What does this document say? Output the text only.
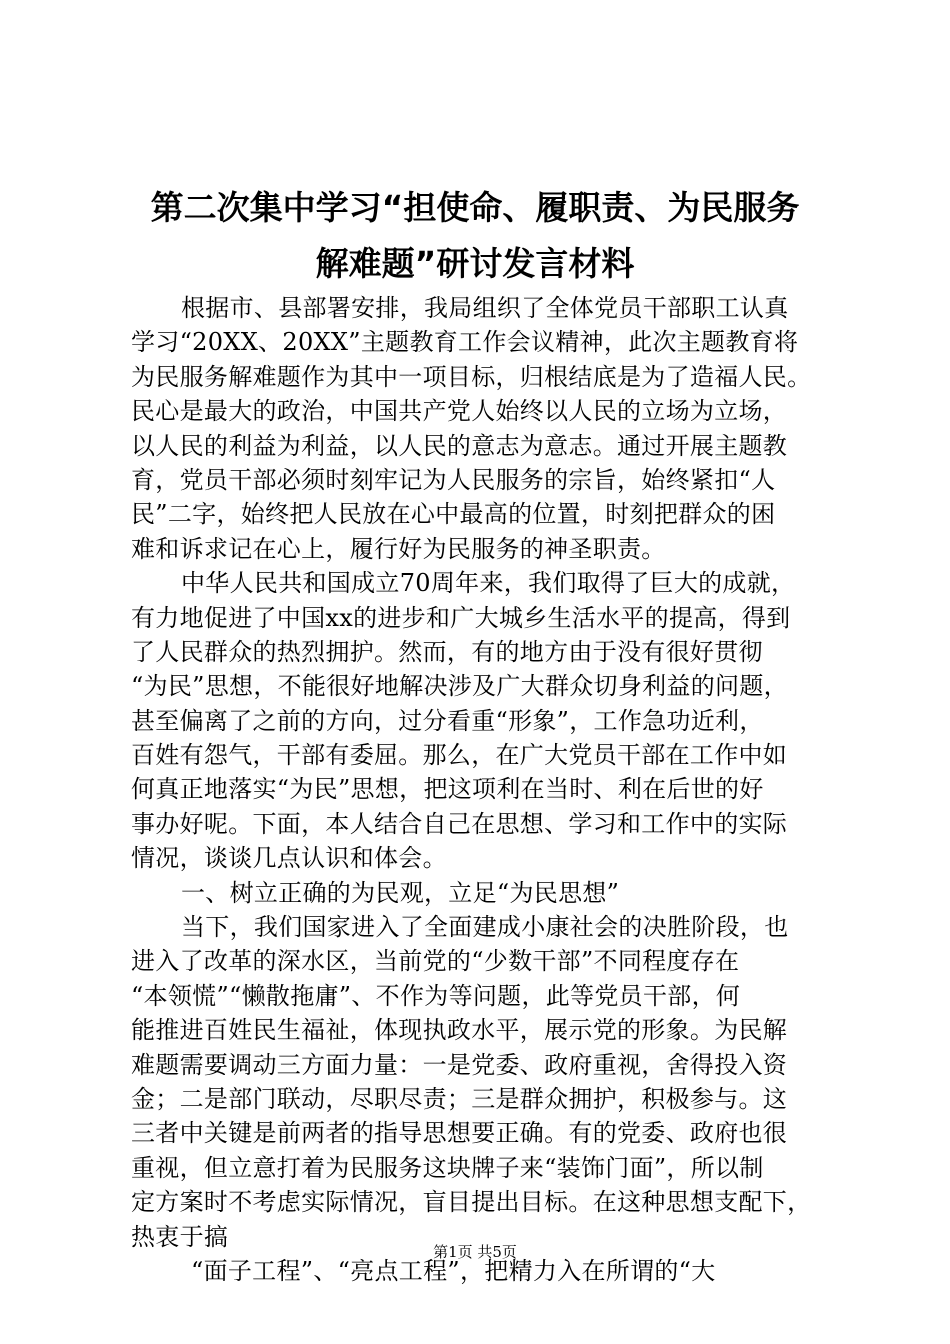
第二次集中学习“担使命、履职责、为民服务
解难题”研讨发言材料
根据市、县部署安排，我局组织了全体党员干部职工认真
学习“20XX、20XX”主题教育工作会议精神，此次主题教育将
为民服务解难题作为其中一项目标，归根结底是为了造福人民。
民心是最大的政治，中国共产党人始终以人民的立场为立场，
以人民的利益为利益，以人民的意志为意志。通过开展主题教
育，党员干部必须时刻牢记为人民服务的宗旨，始终紧扣“人
民”二字，始终把人民放在心中最高的位置，时刻把群众的困
难和诉求记在心上，履行好为民服务的神圣职责。
中华人民共和国成立70周年来，我们取得了巨大的成就，
有力地促进了中国xx的进步和广大城乡生活水平的提高，得到
了人民群众的热烈拥护。然而，有的地方由于没有很好贯彻
“为民”思想，不能很好地解决涉及广大群众切身利益的问题，
甚至偏离了之前的方向，过分看重“形象”，工作急功近利，
百姓有怨气，干部有委屈。那么，在广大党员干部在工作中如
何真正地落实“为民”思想，把这项利在当时、利在后世的好
事办好呢。下面，本人结合自己在思想、学习和工作中的实际
情况，谈谈几点认识和体会。
一、树立正确的为民观，立足“为民思想”
当下，我们国家进入了全面建成小康社会的决胜阶段，也
进入了改革的深水区，当前党的“少数干部”不同程度存在
“本领慌”“懒散拖庸”、不作为等问题，此等党员干部，何
能推进百姓民生福祉，体现执政水平，展示党的形象。为民解
难题需要调动三方面力量：一是党委、政府重视，舍得投入资
金；二是部门联动，尽职尽责；三是群众拥护，积极参与。这
三者中关键是前两者的指导思想要正确。有的党委、政府也很
重视，但立意打着为民服务这块牌子来“装饰门面”，所以制
定方案时不考虑实际情况，盲目提出目标。在这种思想支配下，
热衷于搞
“面子工程”、“亮点工程”，把精力入在所谓的“大
第1页 共5页
